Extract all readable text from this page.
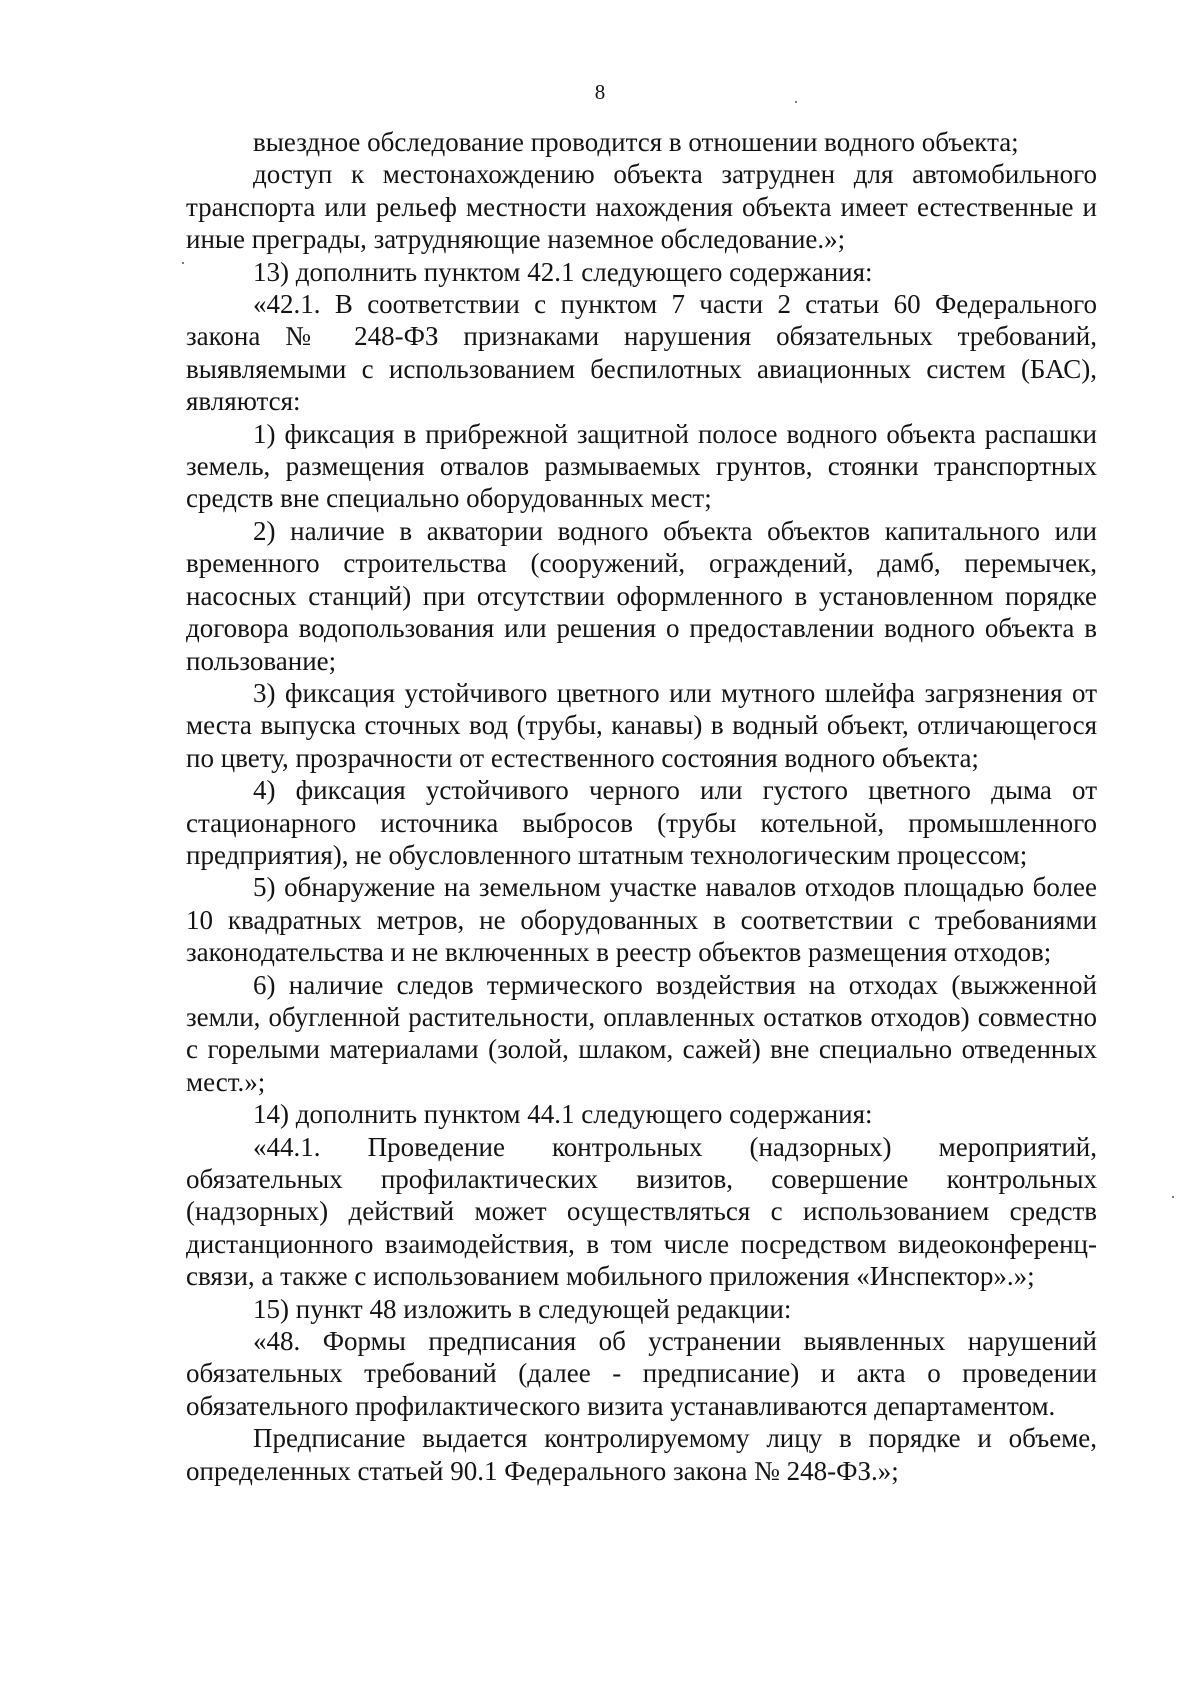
8

выездное обследование проводится в отношении водного объекта;

доступ к местонахождению объекта затруднен для автомобильного транспорта или рельеф местности нахождения объекта имеет естественные и иные преграды, затрудняющие наземное обследование.»;

13) дополнить пунктом 42.1 следующего содержания:

«42.1. В соответствии с пунктом 7 части 2 статьи 60 Федерального закона № 248-ФЗ признаками нарушения обязательных требований, выявляемыми с использованием беспилотных авиационных систем (БАС), являются:

1) фиксация в прибрежной защитной полосе водного объекта распашки земель, размещения отвалов размываемых грунтов, стоянки транспортных средств вне специально оборудованных мест;

2) наличие в акватории водного объекта объектов капитального или временного строительства (сооружений, ограждений, дамб, перемычек, насосных станций) при отсутствии оформленного в установленном порядке договора водопользования или решения о предоставлении водного объекта в пользование;

3) фиксация устойчивого цветного или мутного шлейфа загрязнения от места выпуска сточных вод (трубы, канавы) в водный объект, отличающегося по цвету, прозрачности от естественного состояния водного объекта;

4) фиксация устойчивого черного или густого цветного дыма от стационарного источника выбросов (трубы котельной, промышленного предприятия), не обусловленного штатным технологическим процессом;

5) обнаружение на земельном участке навалов отходов площадью более 10 квадратных метров, не оборудованных в соответствии с требованиями законодательства и не включенных в реестр объектов размещения отходов;

6) наличие следов термического воздействия на отходах (выжженной земли, обугленной растительности, оплавленных остатков отходов) совместно с горелыми материалами (золой, шлаком, сажей) вне специально отведенных мест.»;

14) дополнить пунктом 44.1 следующего содержания:

«44.1. Проведение контрольных (надзорных) мероприятий, обязательных профилактических визитов, совершение контрольных (надзорных) действий может осуществляться с использованием средств дистанционного взаимодействия, в том числе посредством видеоконференц-связи, а также с использованием мобильного приложения «Инспектор».»;

15) пункт 48 изложить в следующей редакции:

«48. Формы предписания об устранении выявленных нарушений обязательных требований (далее - предписание) и акта о проведении обязательного профилактического визита устанавливаются департаментом.

Предписание выдается контролируемому лицу в порядке и объеме, определенных статьей 90.1 Федерального закона № 248-ФЗ.»;
